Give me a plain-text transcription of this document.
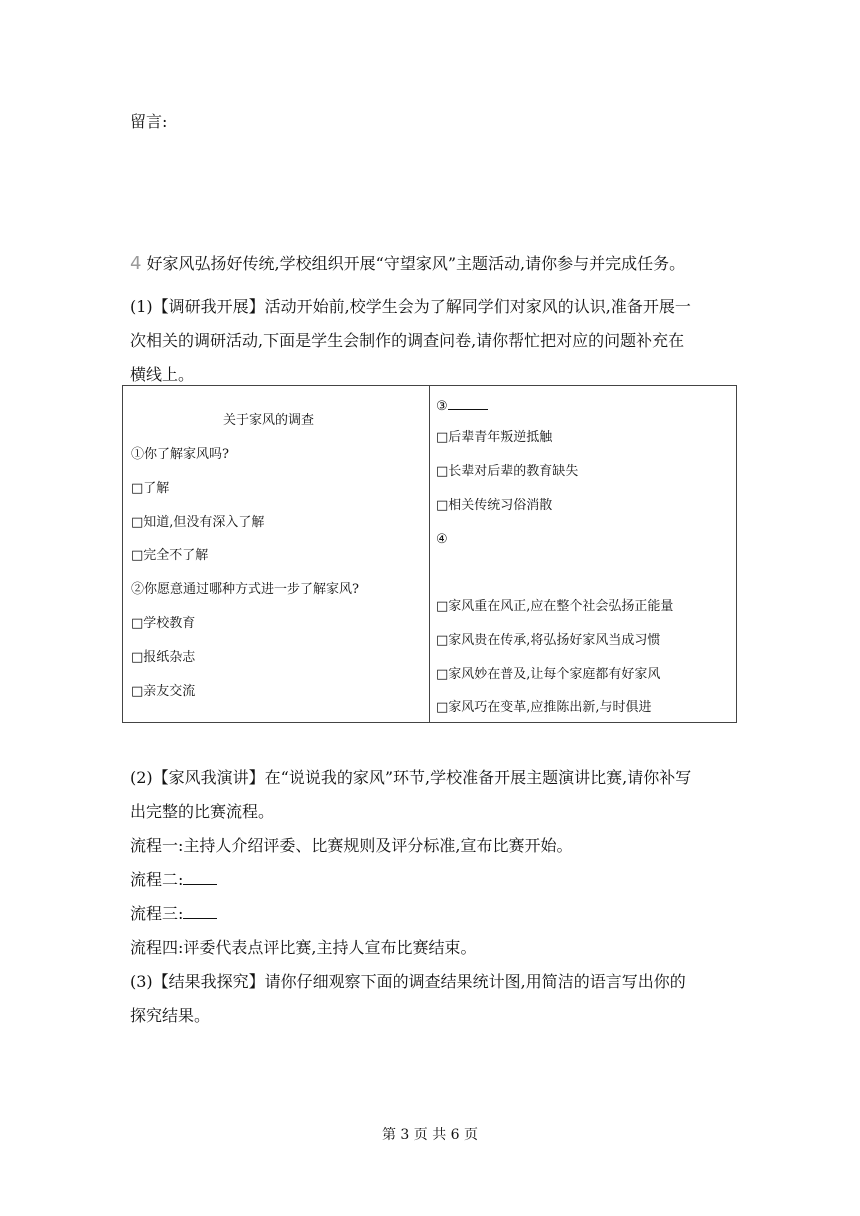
留言:
4 好家风弘扬好传统,学校组织开展“守望家风”主题活动,请你参与并完成任务。
(1)【调研我开展】活动开始前,校学生会为了解同学们对家风的认识,准备开展一
次相关的调研活动,下面是学生会制作的调查问卷,请你帮忙把对应的问题补充在
横线上。
关于家风的调查
①你了解家风吗?
□了解
□知道,但没有深入了解
□完全不了解
②你愿意通过哪种方式进一步了解家风?
□学校教育
□报纸杂志
□亲友交流
③
□后辈青年叛逆抵触
□长辈对后辈的教育缺失
□相关传统习俗消散
④
□家风重在风正,应在整个社会弘扬正能量
□家风贵在传承,将弘扬好家风当成习惯
□家风妙在普及,让每个家庭都有好家风
□家风巧在变革,应推陈出新,与时俱进
(2)【家风我演讲】在“说说我的家风”环节,学校准备开展主题演讲比赛,请你补写
出完整的比赛流程。
流程一:主持人介绍评委、比赛规则及评分标准,宣布比赛开始。
流程二:
流程三:
流程四:评委代表点评比赛,主持人宣布比赛结束。
(3)【结果我探究】请你仔细观察下面的调查结果统计图,用简洁的语言写出你的
探究结果。
第 3 页 共 6 页
